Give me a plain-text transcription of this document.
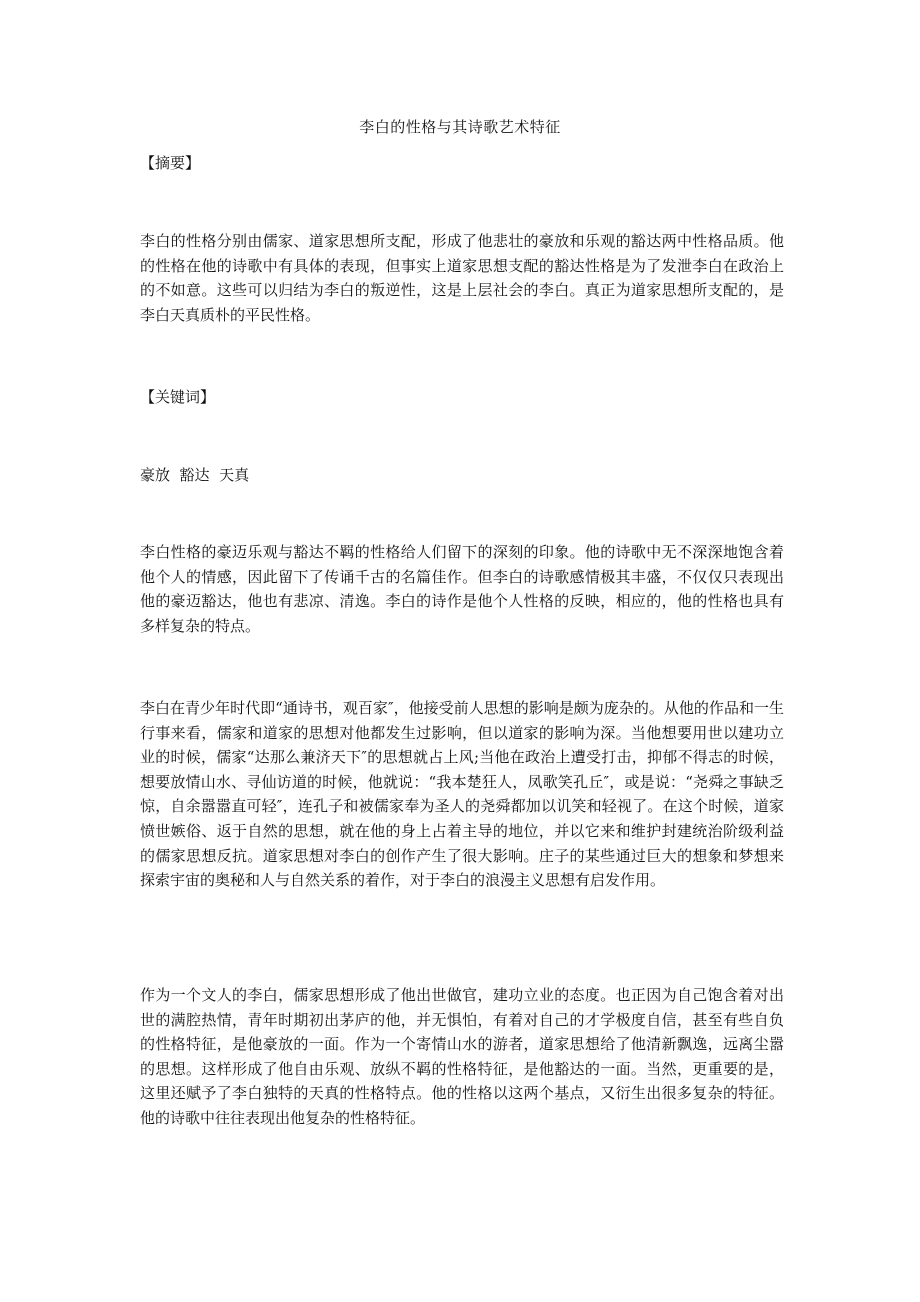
李白的性格与其诗歌艺术特征
【摘要】

李白的性格分别由儒家、道家思想所支配，形成了他悲壮的豪放和乐观的豁达两中性格品质。他的性格在他的诗歌中有具体的表现，但事实上道家思想支配的豁达性格是为了发泄李白在政治上的不如意。这些可以归结为李白的叛逆性，这是上层社会的李白。真正为道家思想所支配的，是李白天真质朴的平民性格。

【关键词】
豪放  豁达  天真

李白性格的豪迈乐观与豁达不羁的性格给人们留下的深刻的印象。他的诗歌中无不深深地饱含着他个人的情感，因此留下了传诵千古的名篇佳作。但李白的诗歌感情极其丰盛，不仅仅只表现出他的豪迈豁达，他也有悲凉、清逸。李白的诗作是他个人性格的反映，相应的，他的性格也具有多样复杂的特点。

李白在青少年时代即“通诗书，观百家″，他接受前人思想的影响是颇为庞杂的。从他的作品和一生行事来看，儒家和道家的思想对他都发生过影响，但以道家的影响为深。当他想要用世以建功立业的时候，儒家“达那么兼济天下″的思想就占上风;当他在政治上遭受打击，抑郁不得志的时候，想要放情山水、寻仙访道的时候，他就说：“我本楚狂人，凤歌笑孔丘″，或是说：“尧舜之事缺乏惊，自余嚣嚣直可轻″，连孔子和被儒家奉为圣人的尧舜都加以讥笑和轻视了。在这个时候，道家愤世嫉俗、返于自然的思想，就在他的身上占着主导的地位，并以它来和维护封建统治阶级利益的儒家思想反抗。道家思想对李白的创作产生了很大影响。庄子的某些通过巨大的想象和梦想来探索宇宙的奥秘和人与自然关系的着作，对于李白的浪漫主义思想有启发作用。

作为一个文人的李白，儒家思想形成了他出世做官，建功立业的态度。也正因为自己饱含着对出世的满腔热情，青年时期初出茅庐的他，并无惧怕，有着对自己的才学极度自信，甚至有些自负的性格特征，是他豪放的一面。作为一个寄情山水的游者，道家思想给了他清新飘逸，远离尘嚣的思想。这样形成了他自由乐观、放纵不羁的性格特征，是他豁达的一面。当然，更重要的是，这里还赋予了李白独特的天真的性格特点。他的性格以这两个基点，又衍生出很多复杂的特征。他的诗歌中往往表现出他复杂的性格特征。
